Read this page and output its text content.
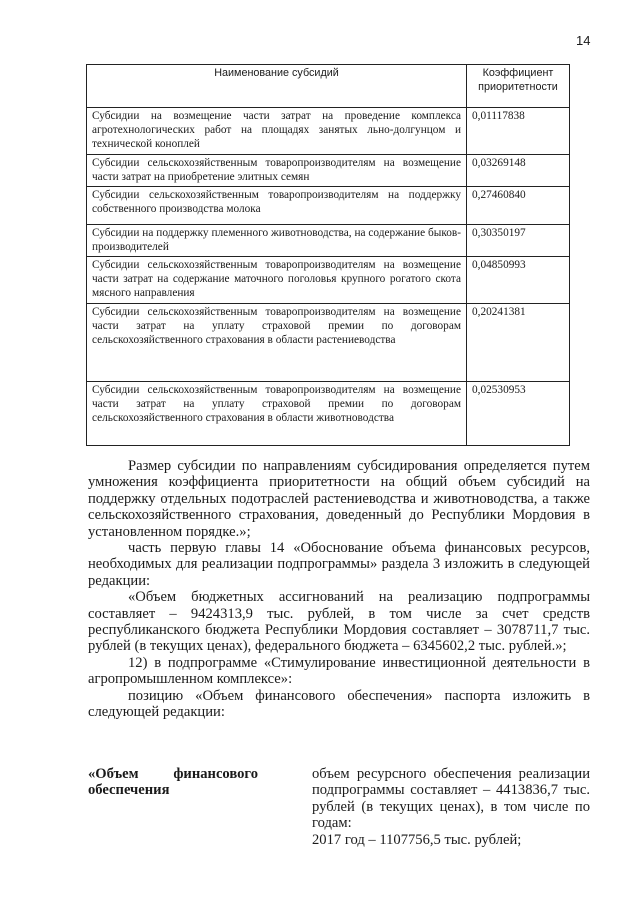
14
Наименование субсидий	Коэффициент
приоритетности
Субсидии на возмещение части затрат на проведение комплекса агротехнологических работ на площадях занятых льно-долгунцом и технической коноплей	0,01117838
Субсидии сельскохозяйственным товаропроизводителям на возмещение части затрат на приобретение элитных семян	0,03269148
Субсидии сельскохозяйственным товаропроизводителям на поддержку собственного производства молока	0,27460840
Субсидии на поддержку племенного животноводства, на содержание быков-производителей	0,30350197
Субсидии сельскохозяйственным товаропроизводителям на возмещение части затрат на содержание маточного поголовья крупного рогатого скота мясного направления	0,04850993
Субсидии сельскохозяйственным товаропроизводителям на возмещение части затрат на уплату страховой премии по договорам сельскохозяйственного страхования в области растениеводства	0,20241381
Субсидии сельскохозяйственным товаропроизводителям на возмещение части затрат на уплату страховой премии по договорам сельскохозяйственного страхования в области животноводства	0,02530953

Размер субсидии по направлениям субсидирования определяется путем умножения коэффициента приоритетности на общий объем субсидий на поддержку отдельных подотраслей растениеводства и животноводства, а также сельскохозяйственного страхования, доведенный до Республики Мордовия в установленном порядке.»;

часть первую главы 14 «Обоснование объема финансовых ресурсов, необходимых для реализации подпрограммы» раздела 3 изложить в следующей редакции:

«Объем бюджетных ассигнований на реализацию подпрограммы составляет – 9424313,9 тыс. рублей, в том числе за счет средств республиканского бюджета Республики Мордовия составляет – 3078711,7 тыс. рублей (в текущих ценах), федерального бюджета – 6345602,2 тыс. рублей.»;

12) в подпрограмме «Стимулирование инвестиционной деятельности в агропромышленном комплексе»:

позицию «Объем финансового обеспечения» паспорта изложить в следующей редакции:

«Объем финансового
обеспечения

объем ресурсного обеспечения реализации подпрограммы составляет – 4413836,7 тыс. рублей (в текущих ценах), в том числе по годам:

2017 год – 1107756,5 тыс. рублей;
